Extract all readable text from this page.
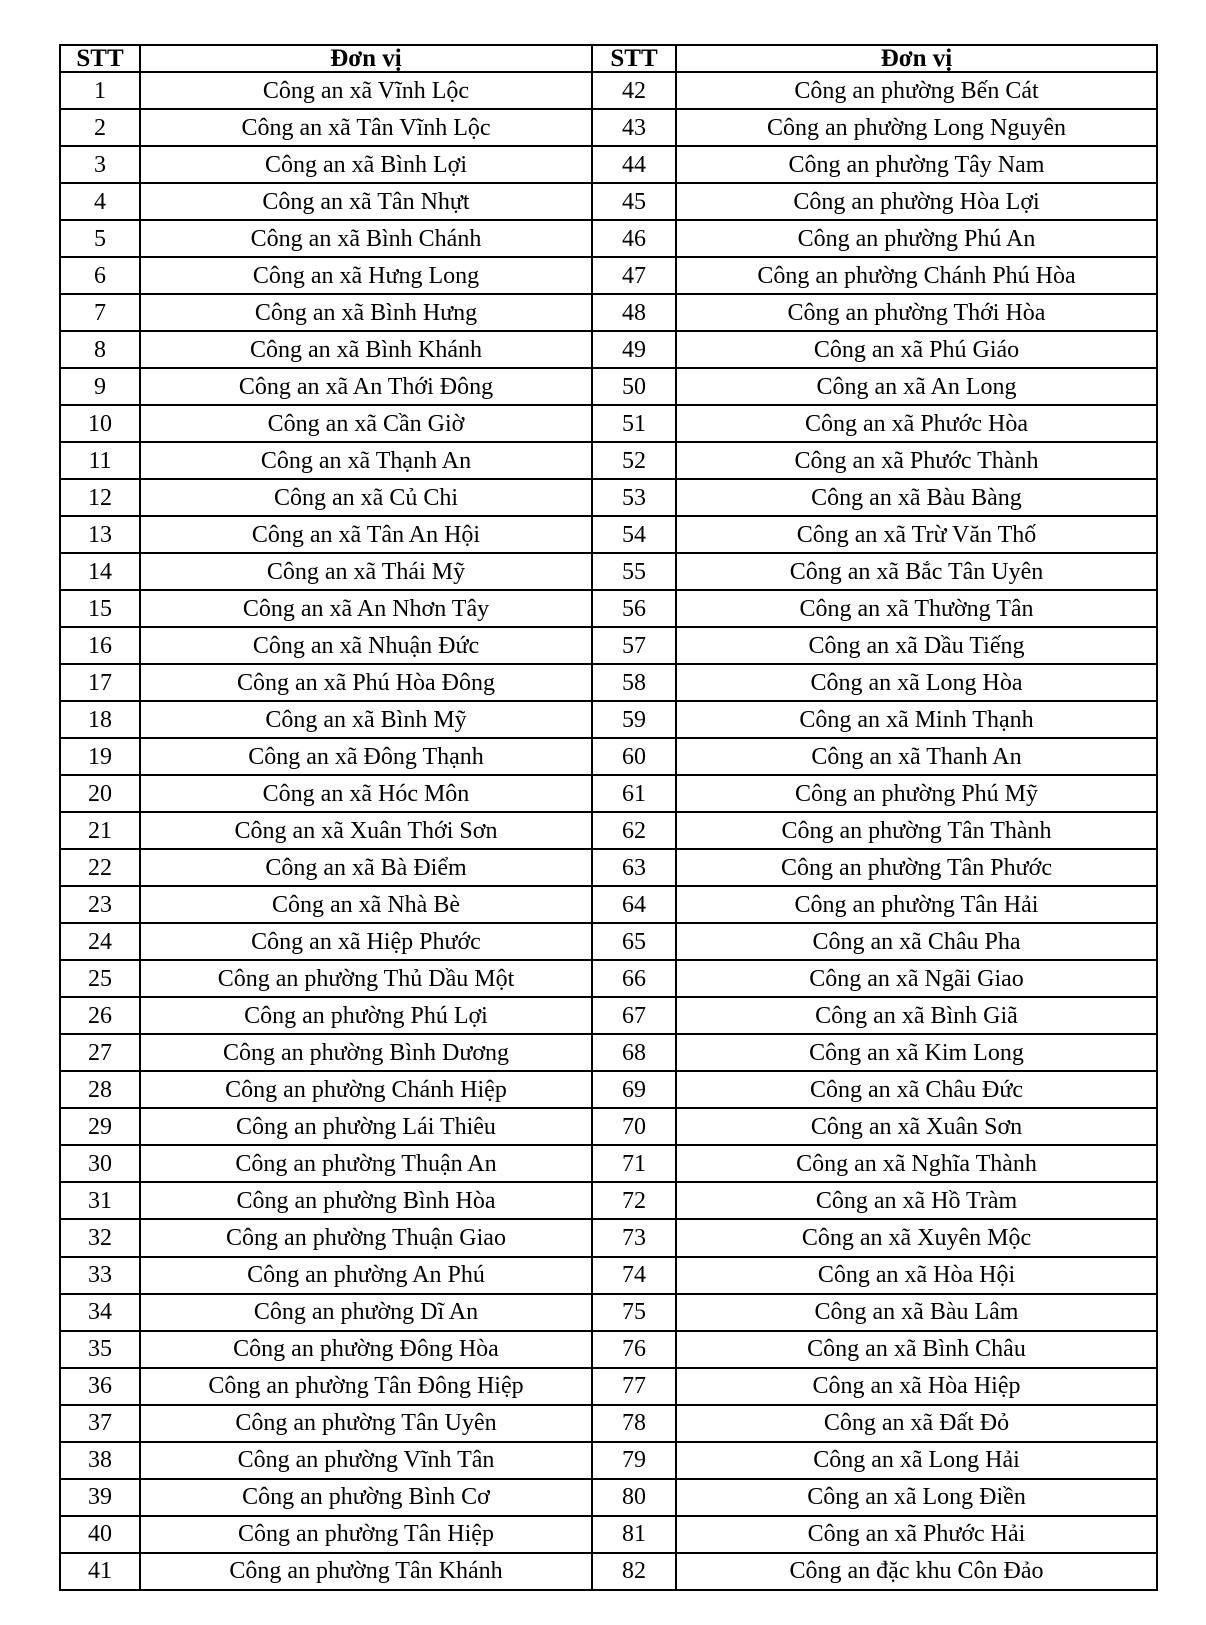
STT	Đơn vị	STT	Đơn vị
1	Công an xã Vĩnh Lộc	42	Công an phường Bến Cát
2	Công an xã Tân Vĩnh Lộc	43	Công an phường Long Nguyên
3	Công an xã Bình Lợi	44	Công an phường Tây Nam
4	Công an xã Tân Nhựt	45	Công an phường Hòa Lợi
5	Công an xã Bình Chánh	46	Công an phường Phú An
6	Công an xã Hưng Long	47	Công an phường Chánh Phú Hòa
7	Công an xã Bình Hưng	48	Công an phường Thới Hòa
8	Công an xã Bình Khánh	49	Công an xã Phú Giáo
9	Công an xã An Thới Đông	50	Công an xã An Long
10	Công an xã Cần Giờ	51	Công an xã Phước Hòa
11	Công an xã Thạnh An	52	Công an xã Phước Thành
12	Công an xã Củ Chi	53	Công an xã Bàu Bàng
13	Công an xã Tân An Hội	54	Công an xã Trừ Văn Thố
14	Công an xã Thái Mỹ	55	Công an xã Bắc Tân Uyên
15	Công an xã An Nhơn Tây	56	Công an xã Thường Tân
16	Công an xã Nhuận Đức	57	Công an xã Dầu Tiếng
17	Công an xã Phú Hòa Đông	58	Công an xã Long Hòa
18	Công an xã Bình Mỹ	59	Công an xã Minh Thạnh
19	Công an xã Đông Thạnh	60	Công an xã Thanh An
20	Công an xã Hóc Môn	61	Công an phường Phú Mỹ
21	Công an xã Xuân Thới Sơn	62	Công an phường Tân Thành
22	Công an xã Bà Điểm	63	Công an phường Tân Phước
23	Công an xã Nhà Bè	64	Công an phường Tân Hải
24	Công an xã Hiệp Phước	65	Công an xã Châu Pha
25	Công an phường Thủ Dầu Một	66	Công an xã Ngãi Giao
26	Công an phường Phú Lợi	67	Công an xã Bình Giã
27	Công an phường Bình Dương	68	Công an xã Kim Long
28	Công an phường Chánh Hiệp	69	Công an xã Châu Đức
29	Công an phường Lái Thiêu	70	Công an xã Xuân Sơn
30	Công an phường Thuận An	71	Công an xã Nghĩa Thành
31	Công an phường Bình Hòa	72	Công an xã Hồ Tràm
32	Công an phường Thuận Giao	73	Công an xã Xuyên Mộc
33	Công an phường An Phú	74	Công an xã Hòa Hội
34	Công an phường Dĩ An	75	Công an xã Bàu Lâm
35	Công an phường Đông Hòa	76	Công an xã Bình Châu
36	Công an phường Tân Đông Hiệp	77	Công an xã Hòa Hiệp
37	Công an phường Tân Uyên	78	Công an xã Đất Đỏ
38	Công an phường Vĩnh Tân	79	Công an xã Long Hải
39	Công an phường Bình Cơ	80	Công an xã Long Điền
40	Công an phường Tân Hiệp	81	Công an xã Phước Hải
41	Công an phường Tân Khánh	82	Công an đặc khu Côn Đảo
